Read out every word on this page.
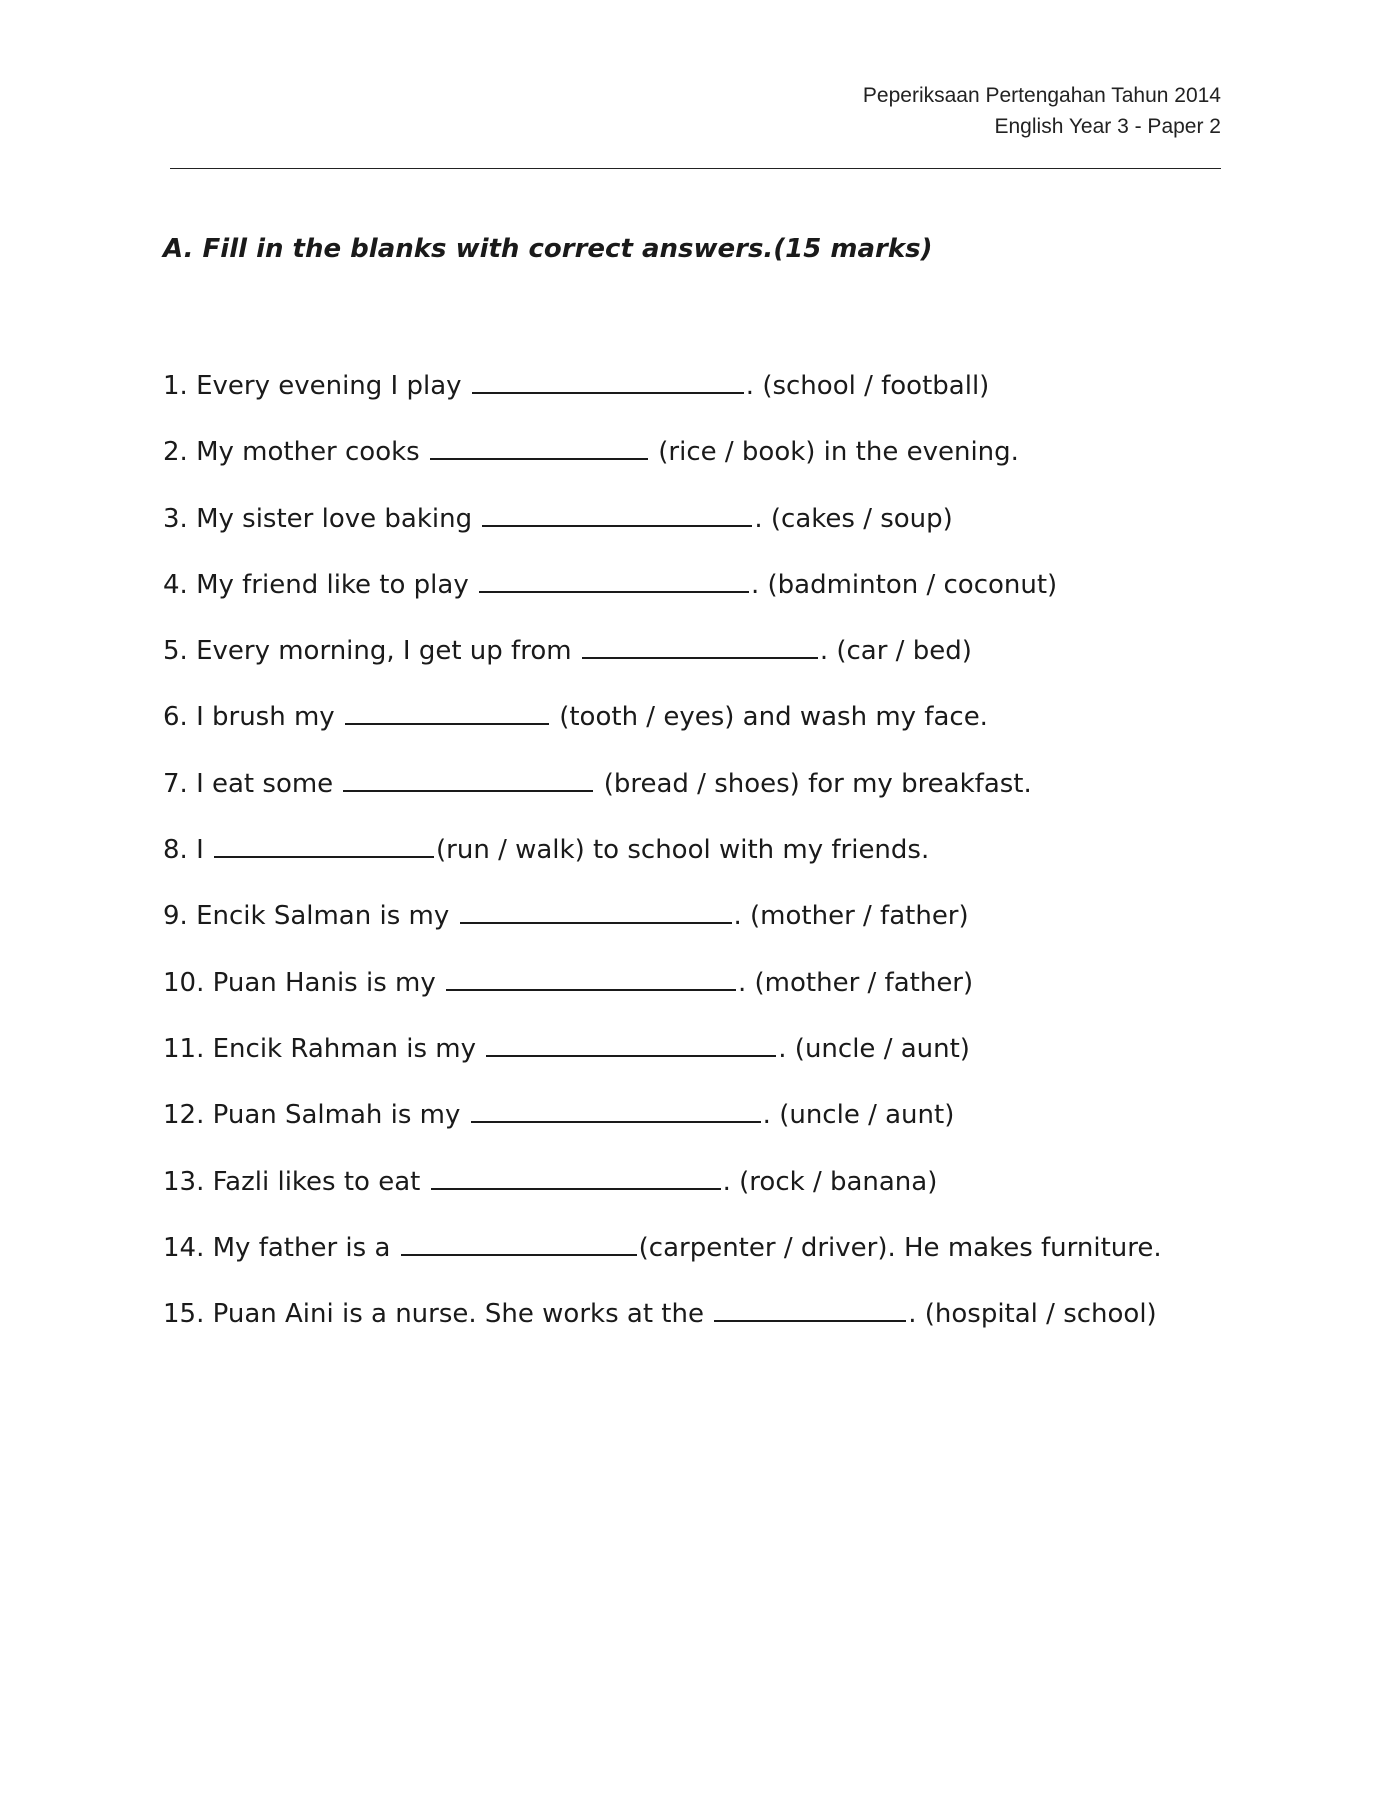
Peperiksaan Pertengahan Tahun 2014
English Year 3 - Paper 2
A. Fill in the blanks with correct answers.(15 marks)
1. Every evening I play	. (school / football)
2. My mother cooks	(rice / book) in the evening.
3. My sister love baking	. (cakes / soup)
4. My friend like to play	. (badminton / coconut)
5. Every morning, I get up from	. (car / bed)
6. I brush my	(tooth / eyes) and wash my face.
7. I eat some	(bread / shoes) for my breakfast.
8. I	(run / walk) to school with my friends.
9. Encik Salman is my	. (mother / father)
10. Puan Hanis is my	. (mother / father)
11. Encik Rahman is my	. (uncle / aunt)
12. Puan Salmah is my	. (uncle / aunt)
13. Fazli likes to eat	. (rock / banana)
14. My father is a	(carpenter / driver). He makes furniture.
15. Puan Aini is a nurse. She works at the	. (hospital / school)
